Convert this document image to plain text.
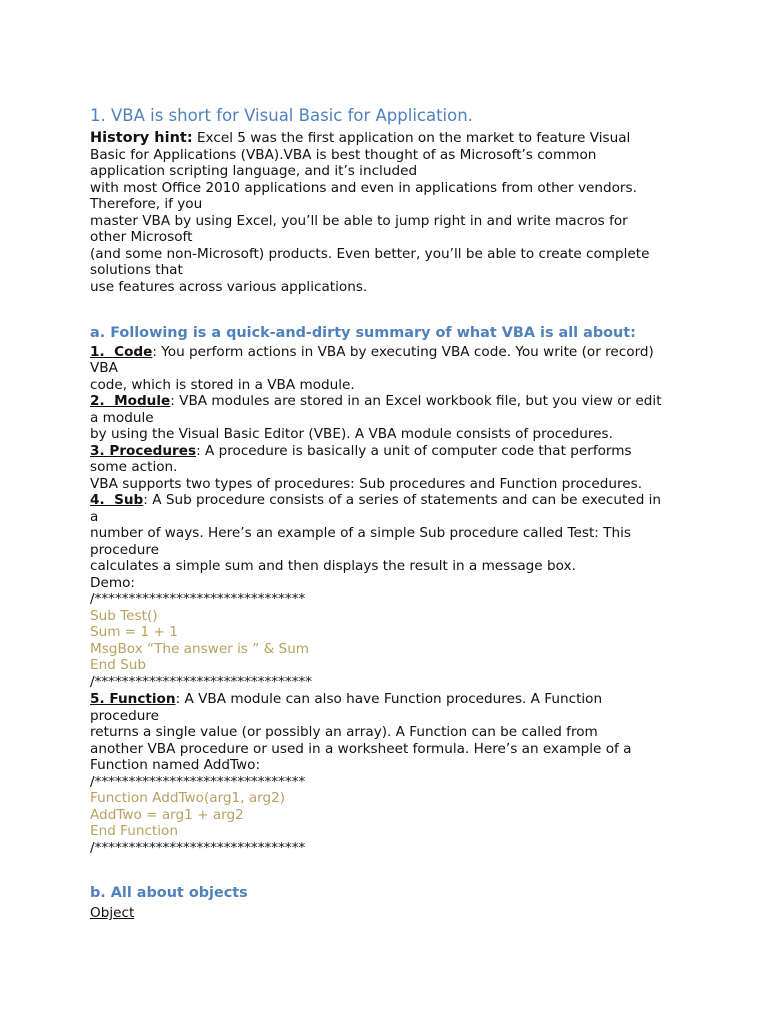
1. VBA is short for Visual Basic for Application.
History hint: Excel 5 was the first application on the market to feature Visual
Basic for Applications (VBA).VBA is best thought of as Microsoft’s common
application scripting language, and it’s included
with most Office 2010 applications and even in applications from other vendors.
Therefore, if you
master VBA by using Excel, you’ll be able to jump right in and write macros for
other Microsoft
(and some non-Microsoft) products. Even better, you’ll be able to create complete
solutions that
use features across various applications.
a. Following is a quick-and-dirty summary of what VBA is all about:
1.  Code: You perform actions in VBA by executing VBA code. You write (or record)
VBA
code, which is stored in a VBA module.
2.  Module: VBA modules are stored in an Excel workbook file, but you view or edit
a module
by using the Visual Basic Editor (VBE). A VBA module consists of procedures.
3. Procedures: A procedure is basically a unit of computer code that performs
some action.
VBA supports two types of procedures: Sub procedures and Function procedures.
4.  Sub: A Sub procedure consists of a series of statements and can be executed in
a
number of ways. Here’s an example of a simple Sub procedure called Test: This
procedure
calculates a simple sum and then displays the result in a message box.
Demo:
/*******************************
Sub Test()
Sum = 1 + 1
MsgBox “The answer is ” & Sum
End Sub
/********************************
5. Function: A VBA module can also have Function procedures. A Function
procedure
returns a single value (or possibly an array). A Function can be called from
another VBA procedure or used in a worksheet formula. Here’s an example of a
Function named AddTwo:
/*******************************
Function AddTwo(arg1, arg2)
AddTwo = arg1 + arg2
End Function
/*******************************
b. All about objects
Object
